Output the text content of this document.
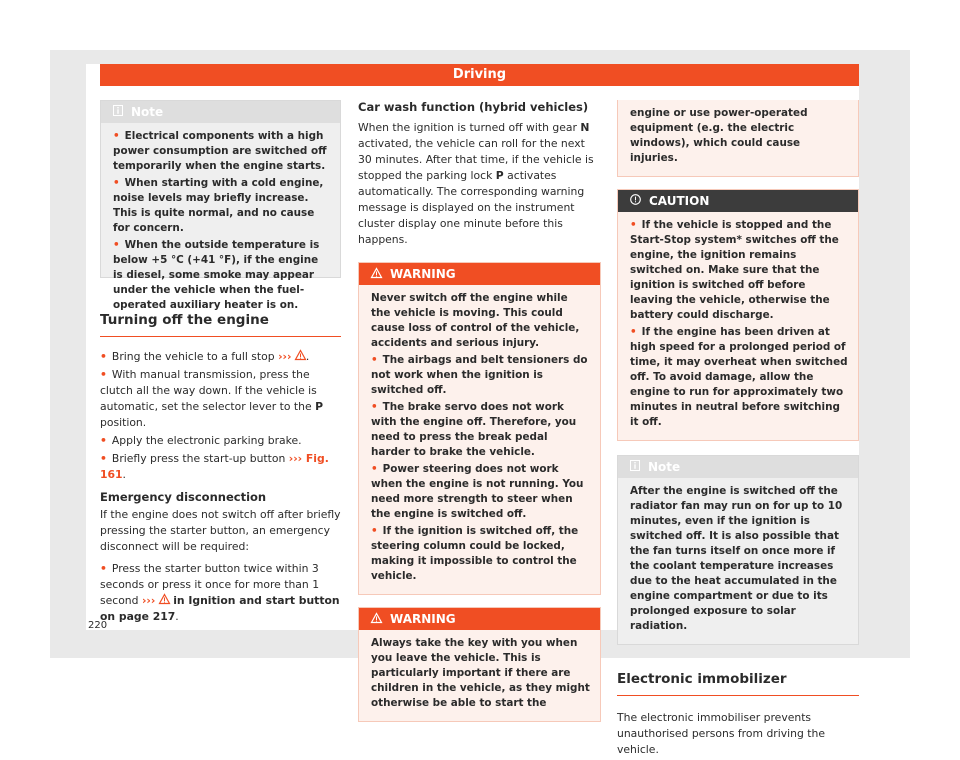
Driving
Note

• Electrical components with a high power consumption are switched off temporarily when the engine starts.

• When starting with a cold engine, noise levels may briefly increase. This is quite normal, and no cause for concern.

• When the outside temperature is below +5 °C (+41 °F), if the engine is diesel, some smoke may appear under the vehicle when the fuel-operated auxiliary heater is on.

Turning off the engine

• Bring the vehicle to a full stop ››› .

• With manual transmission, press the clutch all the way down. If the vehicle is automatic, set the selector lever to the P position.

• Apply the electronic parking brake.

• Briefly press the start-up button ››› Fig. 161.

Emergency disconnection

If the engine does not switch off after briefly pressing the starter button, an emergency disconnect will be required:

• Press the starter button twice within 3 seconds or press it once for more than 1 second ››› in Ignition and start button on page 217.

Car wash function (hybrid vehicles)

When the ignition is turned off with gear N activated, the vehicle can roll for the next 30 minutes. After that time, if the vehicle is stopped the parking lock P activates automatically. The corresponding warning message is displayed on the instrument cluster display one minute before this happens.

WARNING

Never switch off the engine while the vehicle is moving. This could cause loss of control of the vehicle, accidents and serious injury.

• The airbags and belt tensioners do not work when the ignition is switched off.

• The brake servo does not work with the engine off. Therefore, you need to press the break pedal harder to brake the vehicle.

• Power steering does not work when the engine is not running. You need more strength to steer when the engine is switched off.

• If the ignition is switched off, the steering column could be locked, making it impossible to control the vehicle.

WARNING

Always take the key with you when you leave the vehicle. This is particularly important if there are children in the vehicle, as they might otherwise be able to start the

engine or use power-operated equipment (e.g. the electric windows), which could cause injuries.

CAUTION

• If the vehicle is stopped and the Start-Stop system* switches off the engine, the ignition remains switched on. Make sure that the ignition is switched off before leaving the vehicle, otherwise the battery could discharge.

• If the engine has been driven at high speed for a prolonged period of time, it may overheat when switched off. To avoid damage, allow the engine to run for approximately two minutes in neutral before switching it off.

Note

After the engine is switched off the radiator fan may run on for up to 10 minutes, even if the ignition is switched off. It is also possible that the fan turns itself on once more if the coolant temperature increases due to the heat accumulated in the engine compartment or due to its prolonged exposure to solar radiation.

Electronic immobilizer

The electronic immobiliser prevents unauthorised persons from driving the vehicle.

220
